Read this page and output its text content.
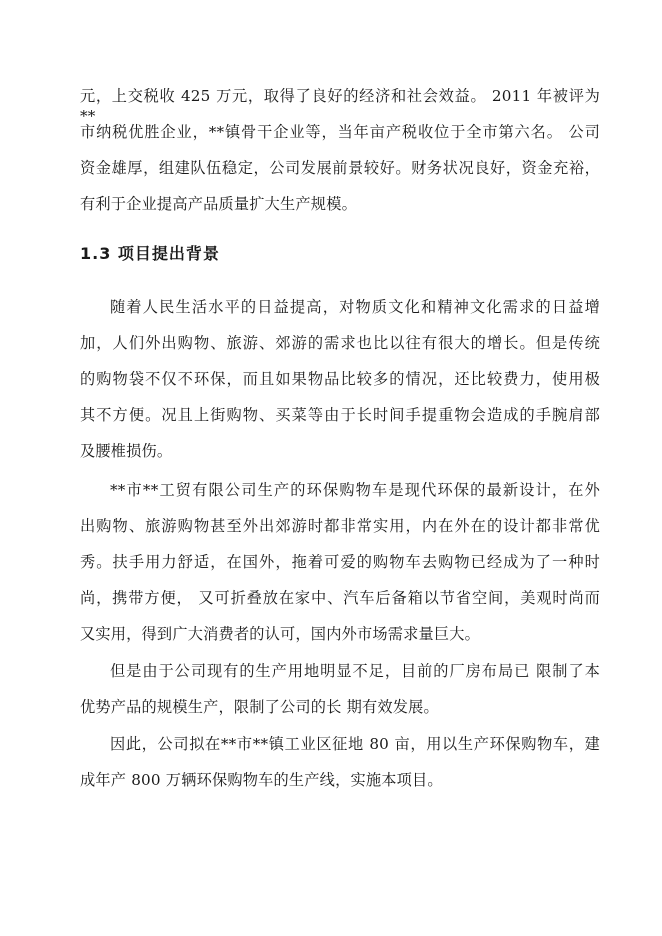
元，上交税收 425 万元，取得了良好的经济和社会效益。 2011 年被评为**
市纳税优胜企业，**镇骨干企业等，当年亩产税收位于全市第六名。 公司
资金雄厚，组建队伍稳定，公司发展前景较好。财务状况良好，资金充裕，
有利于企业提高产品质量扩大生产规模。
1.3 项目提出背景
随着人民生活水平的日益提高，对物质文化和精神文化需求的日益增
加，人们外出购物、旅游、郊游的需求也比以往有很大的增长。但是传统
的购物袋不仅不环保，而且如果物品比较多的情况，还比较费力，使用极
其不方便。况且上街购物、买菜等由于长时间手提重物会造成的手腕肩部
及腰椎损伤。
**市**工贸有限公司生产的环保购物车是现代环保的最新设计，在外
出购物、旅游购物甚至外出郊游时都非常实用，内在外在的设计都非常优
秀。扶手用力舒适，在国外，拖着可爱的购物车去购物已经成为了一种时
尚，携带方便， 又可折叠放在家中、汽车后备箱以节省空间，美观时尚而
又实用，得到广大消费者的认可，国内外市场需求量巨大。
但是由于公司现有的生产用地明显不足，目前的厂房布局已 限制了本
优势产品的规模生产，限制了公司的长 期有效发展。
因此，公司拟在**市**镇工业区征地 80 亩，用以生产环保购物车，建
成年产 800 万辆环保购物车的生产线，实施本项目。
